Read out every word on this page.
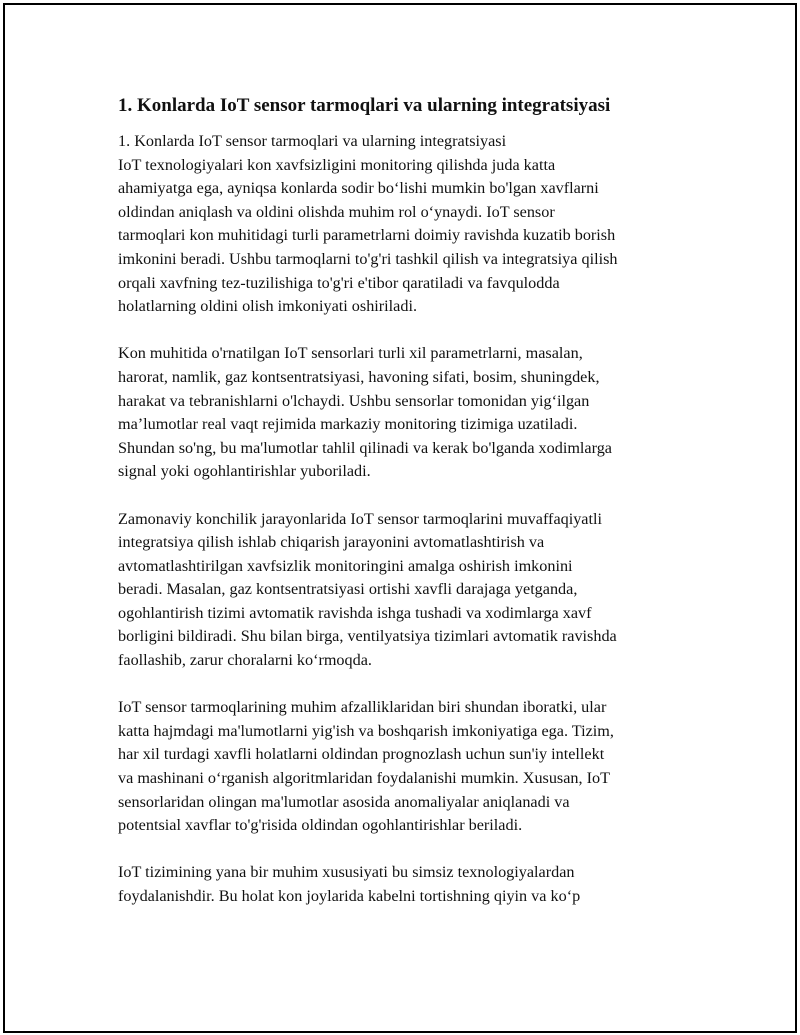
1. Konlarda IoT sensor tarmoqlari va ularning integratsiyasi

1. Konlarda IoT sensor tarmoqlari va ularning integratsiyasi
IoT texnologiyalari kon xavfsizligini monitoring qilishda juda katta
ahamiyatga ega, ayniqsa konlarda sodir boʻlishi mumkin bo'lgan xavflarni
oldindan aniqlash va oldini olishda muhim rol oʻynaydi. IoT sensor
tarmoqlari kon muhitidagi turli parametrlarni doimiy ravishda kuzatib borish
imkonini beradi. Ushbu tarmoqlarni to'g'ri tashkil qilish va integratsiya qilish
orqali xavfning tez-tuzilishiga to'g'ri e'tibor qaratiladi va favqulodda
holatlarning oldini olish imkoniyati oshiriladi.

Kon muhitida o'rnatilgan IoT sensorlari turli xil parametrlarni, masalan,
harorat, namlik, gaz kontsentratsiyasi, havoning sifati, bosim, shuningdek,
harakat va tebranishlarni o'lchaydi. Ushbu sensorlar tomonidan yigʻilgan
maʼlumotlar real vaqt rejimida markaziy monitoring tizimiga uzatiladi.
Shundan so'ng, bu ma'lumotlar tahlil qilinadi va kerak bo'lganda xodimlarga
signal yoki ogohlantirishlar yuboriladi.

Zamonaviy konchilik jarayonlarida IoT sensor tarmoqlarini muvaffaqiyatli
integratsiya qilish ishlab chiqarish jarayonini avtomatlashtirish va
avtomatlashtirilgan xavfsizlik monitoringini amalga oshirish imkonini
beradi. Masalan, gaz kontsentratsiyasi ortishi xavfli darajaga yetganda,
ogohlantirish tizimi avtomatik ravishda ishga tushadi va xodimlarga xavf
borligini bildiradi. Shu bilan birga, ventilyatsiya tizimlari avtomatik ravishda
faollashib, zarur choralarni koʻrmoqda.

IoT sensor tarmoqlarining muhim afzalliklaridan biri shundan iboratki, ular
katta hajmdagi ma'lumotlarni yig'ish va boshqarish imkoniyatiga ega. Tizim,
har xil turdagi xavfli holatlarni oldindan prognozlash uchun sun'iy intellekt
va mashinani oʻrganish algoritmlaridan foydalanishi mumkin. Xususan, IoT
sensorlaridan olingan ma'lumotlar asosida anomaliyalar aniqlanadi va
potentsial xavflar to'g'risida oldindan ogohlantirishlar beriladi.

IoT tizimining yana bir muhim xususiyati bu simsiz texnologiyalardan
foydalanishdir. Bu holat kon joylarida kabelni tortishning qiyin va koʻp
